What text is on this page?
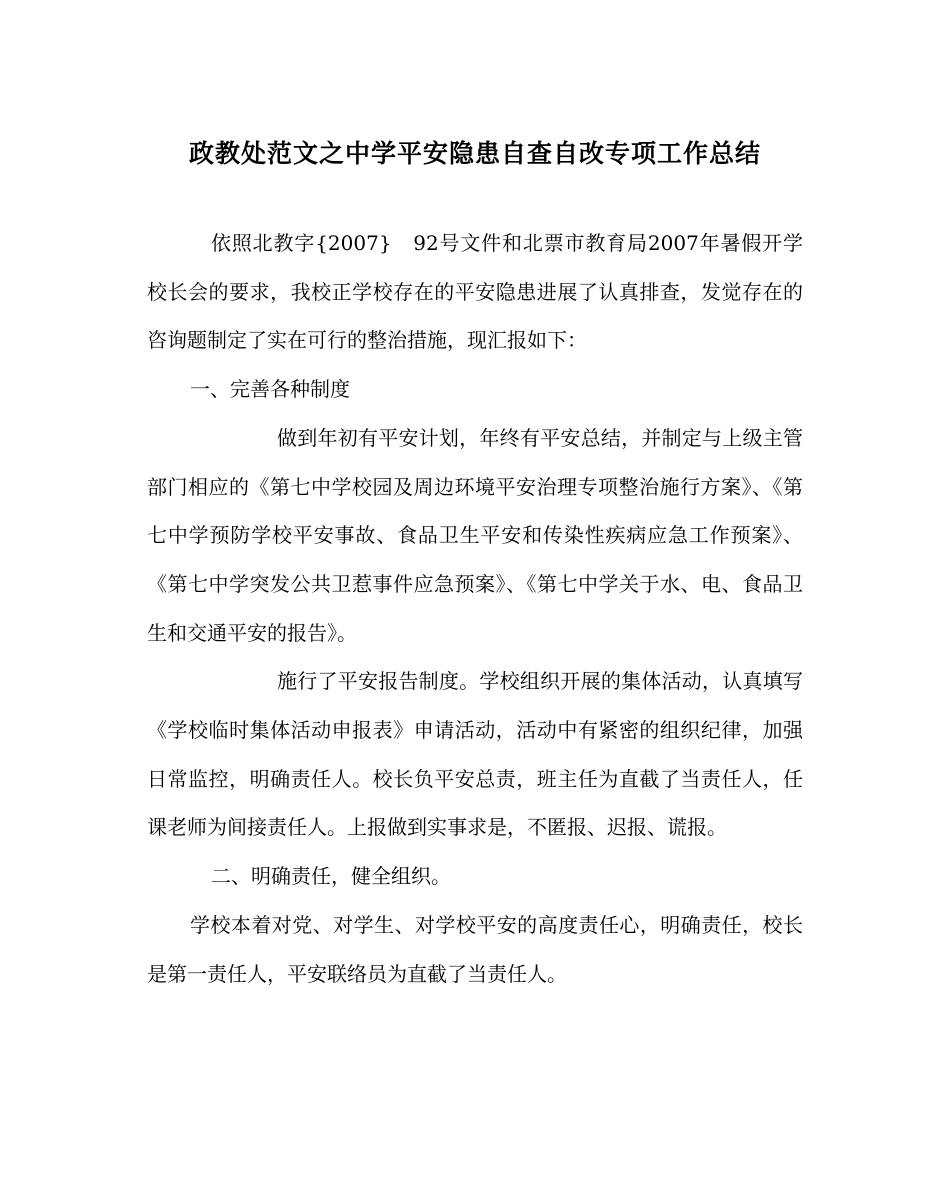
政教处范文之中学平安隐患自查自改专项工作总结

依照北教字{2007}　92号文件和北票市教育局2007年暑假开学校长会的要求，我校正学校存在的平安隐患进展了认真排查，发觉存在的咨询题制定了实在可行的整治措施，现汇报如下：

一、完善各种制度

做到年初有平安计划，年终有平安总结，并制定与上级主管部门相应的《第七中学校园及周边环境平安治理专项整治施行方案》、《第七中学预防学校平安事故、食品卫生平安和传染性疾病应急工作预案》、《第七中学突发公共卫惹事件应急预案》、《第七中学关于水、电、食品卫生和交通平安的报告》。

施行了平安报告制度。学校组织开展的集体活动，认真填写《学校临时集体活动申报表》申请活动，活动中有紧密的组织纪律，加强日常监控，明确责任人。校长负平安总责，班主任为直截了当责任人，任课老师为间接责任人。上报做到实事求是，不匿报、迟报、谎报。

二、明确责任，健全组织。

学校本着对党、对学生、对学校平安的高度责任心，明确责任，校长是第一责任人，平安联络员为直截了当责任人。
